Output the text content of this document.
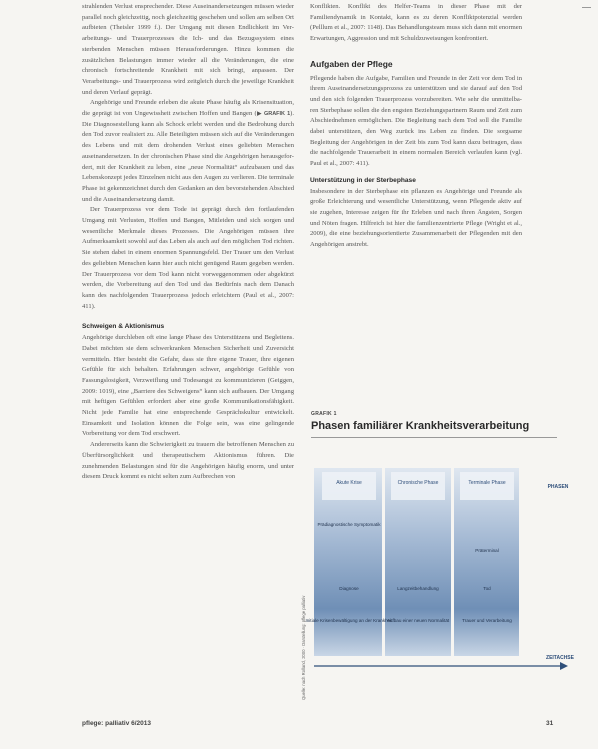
strahlenden Verlust ensprechender. Diese Auseinandersetzungen müssen wieder parallel noch gleichzeitig, noch gleichzeitig geschehen und sollen am selben Ort aufbieten (Theisler 1999 f.). Der Umgang mit diesen Endlichkeit im Verarbeitungs- und Trauerprozesses die Ich- und das Bezugssystem eines sterbenden Menschen müssen Herausforderungen. Hinzu kommen die zusätzlichen Belastungen immer wieder all die Veränderungen, die eine chronisch fortschreitende Krankheit mit sich bringt, anpassen. Der Verarbeitungs- und Trauerprozess wird zeitgleich durch die jeweilige Krankheit und deren Verlauf geprägt.

Angehörige und Freunde erleben die akute Phase häufig als Krisensituation, die geprägt ist von Ungewissheit zwischen Hoffen und Bangen (▶ GRAFIK 1). Die Diagnosestellung kann als Schock erlebt werden und die Bedrohung durch den Tod zuvor realisiert zu. Alle Beteiligten müssen sich auf die Veränderungen des Lebens und mit dem drohenden Verlust eines geliebten Menschen auseinandersetzen. In der chronischen Phase sind die Angehörigen herausgefordert, mit der Krankheit zu leben, eine „neue Normalität“ aufzubauen und das Lebenskonzept jedes Einzelnen nicht aus den Augen zu verlieren. Die terminale Phase ist gekennzeichnet durch den Gedanken an den bevorstehenden Abschied und die Auseinandersetzung damit.

Der Trauerprozess vor dem Tode ist geprägt durch den fortlaufenden Umgang mit Verlusten, Hoffen und Bangen, Mitleiden und sich sorgen und wesentliche Merkmale dieses Prozesses. Die Angehörigen müssen ihre Aufmerksamkeit sowohl auf das Leben als auch auf den möglichen Tod richten. Sie stehen dabei in einem enormen Spannungsfeld. Der Trauer um den Verlust des geliebten Menschen kann hier auch nicht genügend Raum gegeben werden. Der Trauerprozess vor dem Tod kann nicht vorweggenommen oder abgekürzt werden, die Vorbereitung auf den Tod und das Bedürfnis nach dem Danach kann des nachfolgenden Trauerprozess jedoch erleichtern (Paul et al., 2007: 411).

Schweigen & Aktionismus

Angehörige durchleben oft eine lange Phase des Unterstützens und Begleitens. Dabei möchten sie dem schwerkranken Menschen Sicherheit und Zuversicht vermitteln. Hier besteht die Gefahr, dass sie ihre eigene Trauer, ihre eigenen Gefühle für sich behalten. Erfahrungen schwer, angehörige Gefühle von Fassungslosigkeit, Verzweiflung und Todesangst zu kommunizieren (Geiggen, 2009: 1019), eine „Barriere des Schweigens“ kann sich aufbauen. Der Umgang mit heftigen Gefühlen erfordert aber eine große Kommunikationsfähigkeit. Nicht jede Familie hat eine entsprechende Gesprächskultur entwickelt. Einsamkeit und Isolation können die Folge sein, was eine gelingende Vorbereitung vor dem Tod erschwert.

Andererseits kann die Schwierigkeit zu trauern die betroffenen Menschen zu Überfürsorglichkeit und therapeutischem Aktionismus führen. Die zunehmenden Belastungen sind für die Angehörigen häufig enorm, und unter diesem Druck kommt es nicht selten zum Aufbrechen von

Konflikten. Konflikt des Helfer-Teams in dieser Phase mit der Familiendynamik in Kontakt, kann es zu deren Konfliktpotenzial werden (Pelllum et al., 2007: 1148). Das Behandlungsteam muss sich dann mit enormen Erwartungen, Aggression und mit Schuldzuweisungen konfrontiert.

Aufgaben der Pflege

Pflegende haben die Aufgabe, Familien und Freunde in der Zeit vor dem Tod in ihrem Auseinandersetzungsprozess zu unterstützen und sie darauf auf den Tod und den sich folgenden Trauerprozess vorzubereiten. Wie sehr die unmittelbaren Sterbephase sollen die den engsten Beziehungspartnern Raum und Zeit zum Abschiednehmen ermöglichen. Die Begleitung nach dem Tod soll die Familie dabei unterstützen, den Weg zurück ins Leben zu finden. Die sorgsame Begleitung der Angehörigen in der Zeit bis zum Tod kann dazu beitragen, dass die nachfolgende Trauerarbeit in einem normalen Bereich verlaufen kann (vgl. Paul et al., 2007: 411).

Unterstützung in der Sterbephase

Insbesondere in der Sterbephase ein pflanzen es Angehörige und Freunde als große Erleichterung und wesentliche Unterstützung, wenn Pflegende aktiv auf sie zugehen, Interesse zeigen für ihr Erleben und nach ihren Ängsten, Sorgen und Nöten fragen. Hilfreich ist hier die familienzentrierte Pflege (Wright et al., 2009), die eine beziehungsorientierte Zusammenarbeit der Pflegenden mit den Angehörigen anstrebt.

GRAFIK 1
Phasen familiärer Krankheitsverarbeitung
Quelle: nach Rolland, 2000 · Darstellung: pflege palliativ
Akute Krise	Chronische Phase	Terminale Phase
PHASEN
Prädiagnostische Symptomatik
Präterminal
Diagnose	Langzeitbehandlung	Tod
Initiale Krisenbewältigung an der Krankheit
Aufbau einer neuen Normalität	Trauer und Verarbeitung
ZEITACHSE
pflege: palliativ 6/2013	31
